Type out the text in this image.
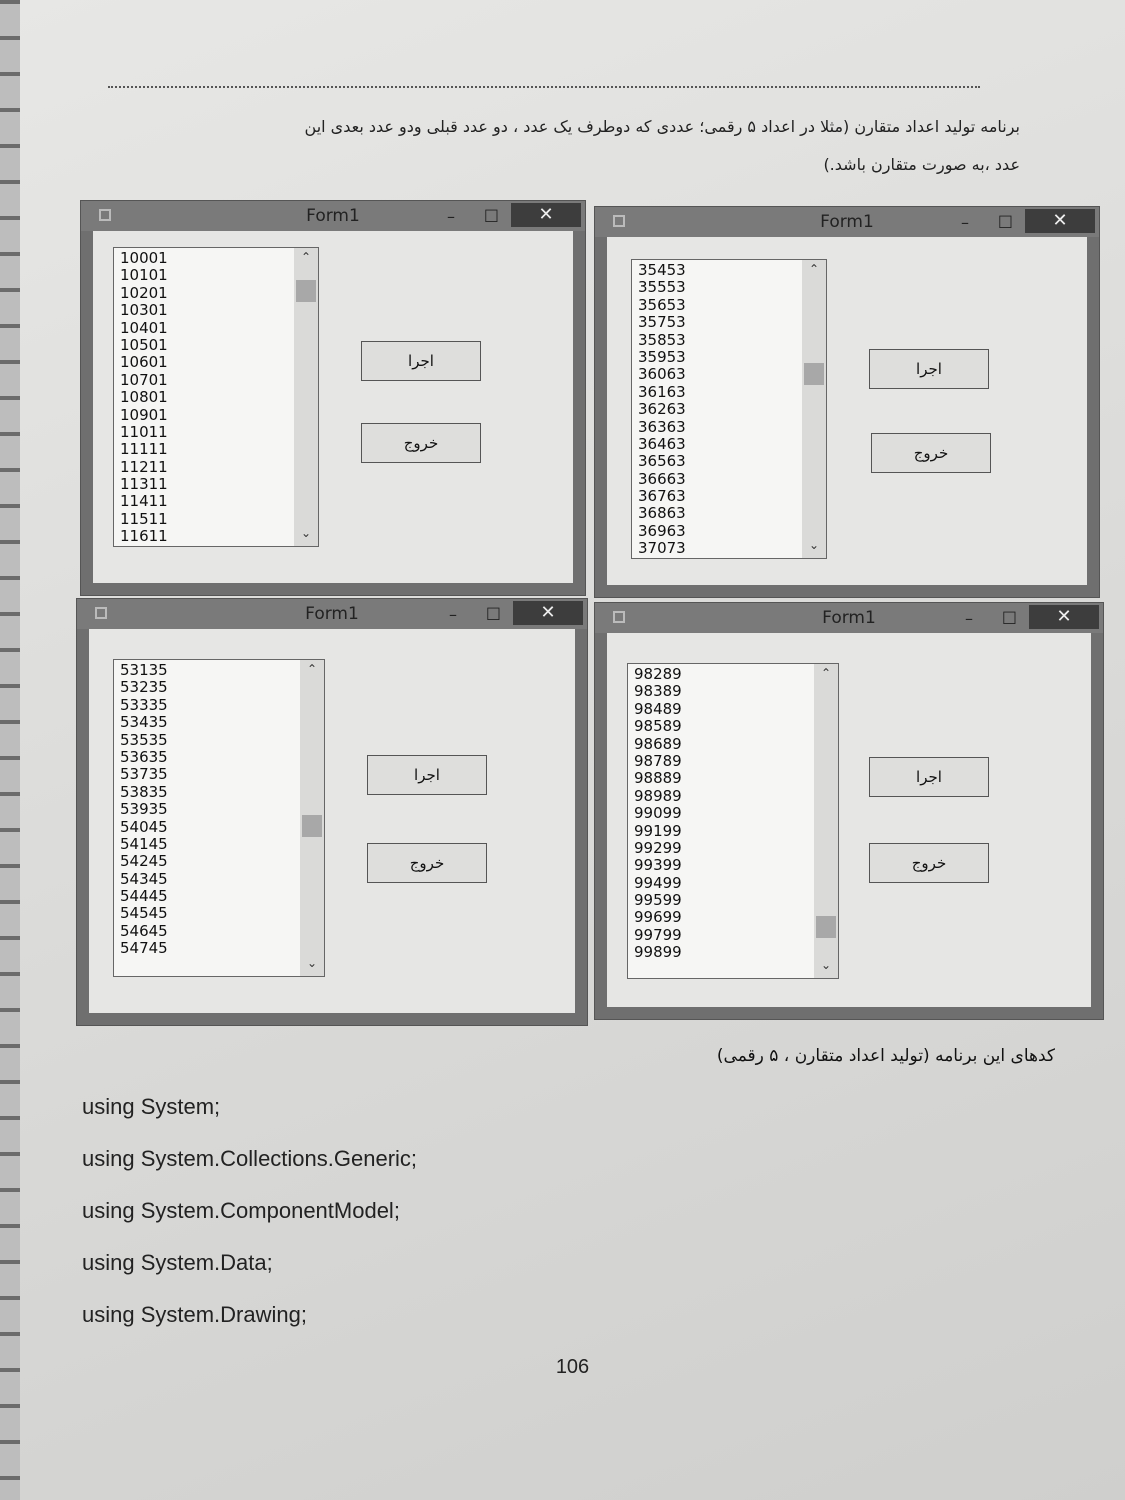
برنامه تولید اعداد متقارن (مثلا در اعداد ۵ رقمی؛ عددی که دوطرف یک عدد ، دو عدد قبلی ودو عدد بعدی این

عدد ،به صورت متقارن باشد.)

Form1	– □	✕
10001
10101
10201
10301
10401
10501
10601
10701
10801
10901
11011
11111
11211
11311
11411
11511
11611
⌃
⌄
اجرا
خروج
Form1	– □	✕
35453
35553
35653
35753
35853
35953
36063
36163
36263
36363
36463
36563
36663
36763
36863
36963
37073
⌃
⌄
اجرا
خروج
Form1	– □	✕
53135
53235
53335
53435
53535
53635
53735
53835
53935
54045
54145
54245
54345
54445
54545
54645
54745
⌃
⌄
اجرا
خروج
Form1	– □	✕
98289
98389
98489
98589
98689
98789
98889
98989
99099
99199
99299
99399
99499
99599
99699
99799
99899
⌃
⌄
اجرا
خروج
کدهای این برنامه (تولید اعداد متقارن ، ۵ رقمی)
using System;
using System.Collections.Generic;
using System.ComponentModel;
using System.Data;
using System.Drawing;
106
